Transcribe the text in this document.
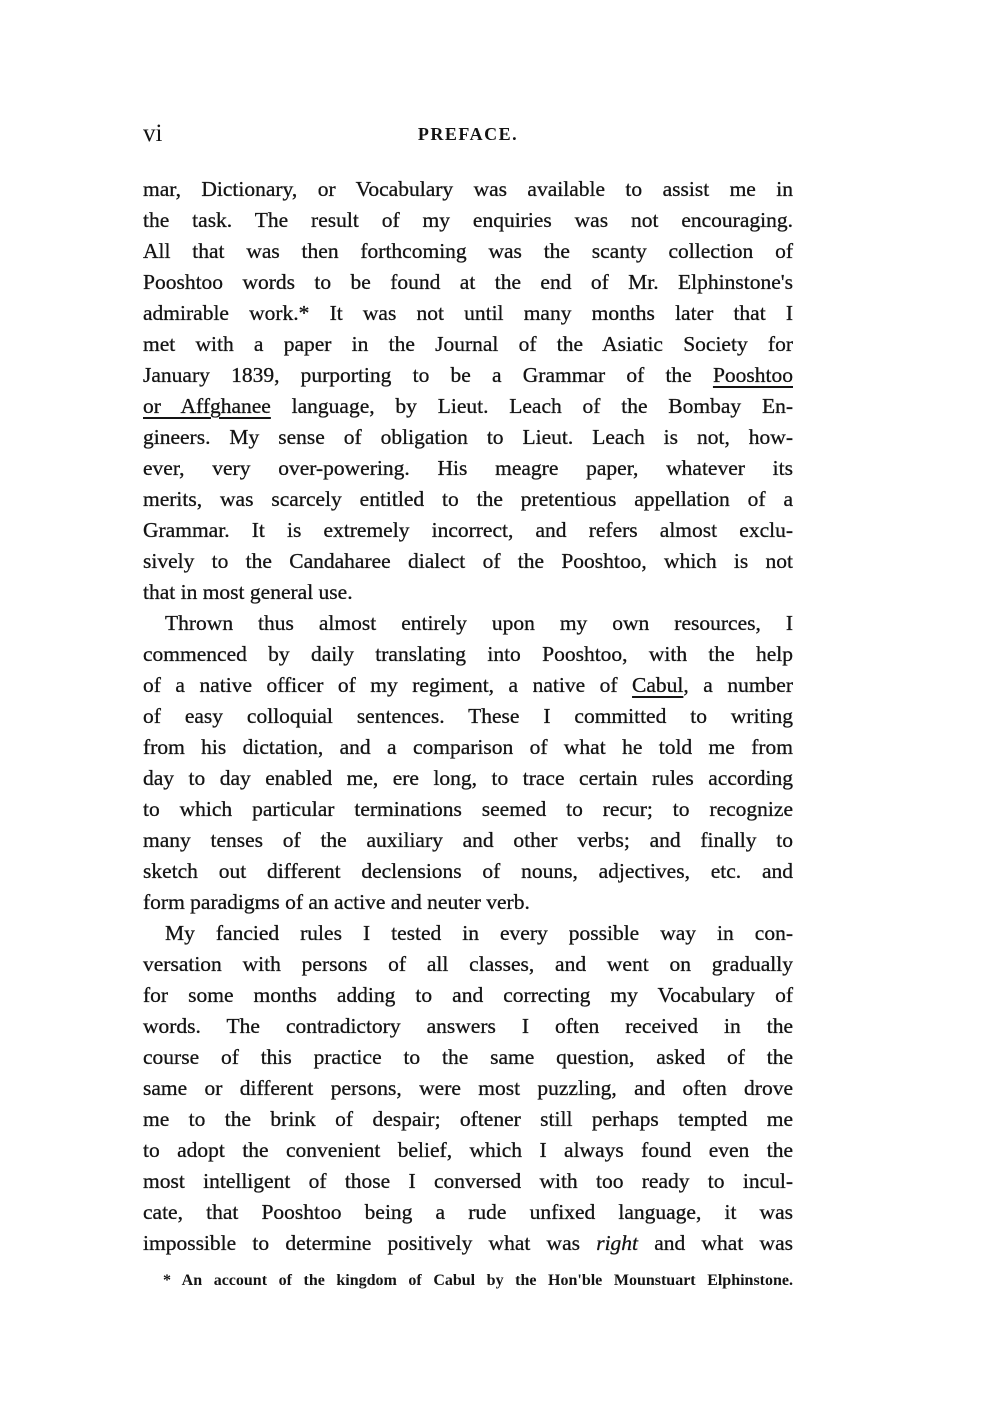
vi	PREFACE.
mar, Dictionary, or Vocabulary was available to assist me in
the task. The result of my enquiries was not encouraging.
All that was then forthcoming was the scanty collection of
Pooshtoo words to be found at the end of Mr. Elphinstone's
admirable work.* It was not until many months later that I
met with a paper in the Journal of the Asiatic Society for
January 1839, purporting to be a Grammar of the Pooshtoo
or Affghanee language, by Lieut. Leach of the Bombay En-
gineers. My sense of obligation to Lieut. Leach is not, how-
ever, very over-powering. His meagre paper, whatever its
merits, was scarcely entitled to the pretentious appellation of a
Grammar. It is extremely incorrect, and refers almost exclu-
sively to the Candaharee dialect of the Pooshtoo, which is not
that in most general use.
Thrown thus almost entirely upon my own resources, I
commenced by daily translating into Pooshtoo, with the help
of a native officer of my regiment, a native of Cabul, a number
of easy colloquial sentences. These I committed to writing
from his dictation, and a comparison of what he told me from
day to day enabled me, ere long, to trace certain rules according
to which particular terminations seemed to recur; to recognize
many tenses of the auxiliary and other verbs; and finally to
sketch out different declensions of nouns, adjectives, etc. and
form paradigms of an active and neuter verb.
My fancied rules I tested in every possible way in con-
versation with persons of all classes, and went on gradually
for some months adding to and correcting my Vocabulary of
words. The contradictory answers I often received in the
course of this practice to the same question, asked of the
same or different persons, were most puzzling, and often drove
me to the brink of despair; oftener still perhaps tempted me
to adopt the convenient belief, which I always found even the
most intelligent of those I conversed with too ready to incul-
cate, that Pooshtoo being a rude unfixed language, it was
impossible to determine positively what was right and what was
* An account of the kingdom of Cabul by the Hon'ble Mounstuart Elphinstone.
